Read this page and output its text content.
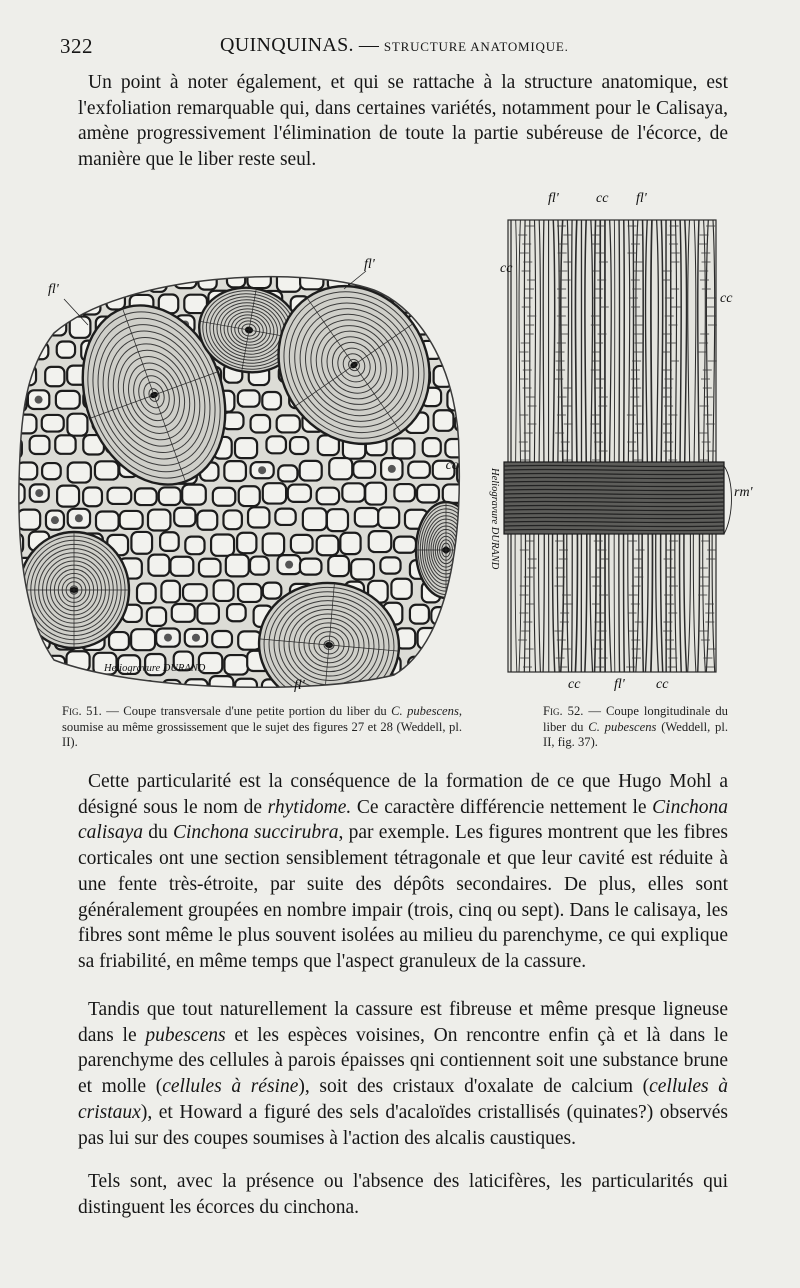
322	QUINQUINAS. — STRUCTURE ANATOMIQUE.

Un point à noter également, et qui se rattache à la structure anatomique, est l'exfoliation remarquable qui, dans certaines variétés, notamment pour le Calisaya, amène progressivement l'élimination de toute la partie subéreuse de l'écorce, de manière que le liber reste seul.

fl'
fl'
cc
fl'
Heliogravure DURAND
fl'	cc fl'
cc
cc
rm'
cc fl' cc
Heliogravure DURAND

Fig. 51. — Coupe transversale d'une petite portion du liber du C. pubescens, soumise au même grossissement que le sujet des figures 27 et 28 (Weddell, pl. II).

Fig. 52. — Coupe longitudinale du liber du C. pubescens (Weddell, pl. II, fig. 37).

Cette particularité est la conséquence de la formation de ce que Hugo Mohl a désigné sous le nom de rhytidome. Ce caractère différencie nettement le Cinchona calisaya du Cinchona succirubra, par exemple. Les figures montrent que les fibres corticales ont une section sensiblement tétragonale et que leur cavité est réduite à une fente très-étroite, par suite des dépôts secondaires. De plus, elles sont généralement groupées en nombre impair (trois, cinq ou sept). Dans le calisaya, les fibres sont même le plus souvent isolées au milieu du parenchyme, ce qui explique sa friabilité, en même temps que l'aspect granuleux de la cassure.

Tandis que tout naturellement la cassure est fibreuse et même presque ligneuse dans le pubescens et les espèces voisines, On rencontre enfin çà et là dans le parenchyme des cellules à parois épaisses qni contiennent soit une substance brune et molle (cellules à résine), soit des cristaux d'oxalate de calcium (cellules à cristaux), et Howard a figuré des sels d'acaloïdes cristallisés (quinates?) observés pas lui sur des coupes soumises à l'action des alcalis caustiques.

Tels sont, avec la présence ou l'absence des laticifères, les particularités qui distinguent les écorces du cinchona.
